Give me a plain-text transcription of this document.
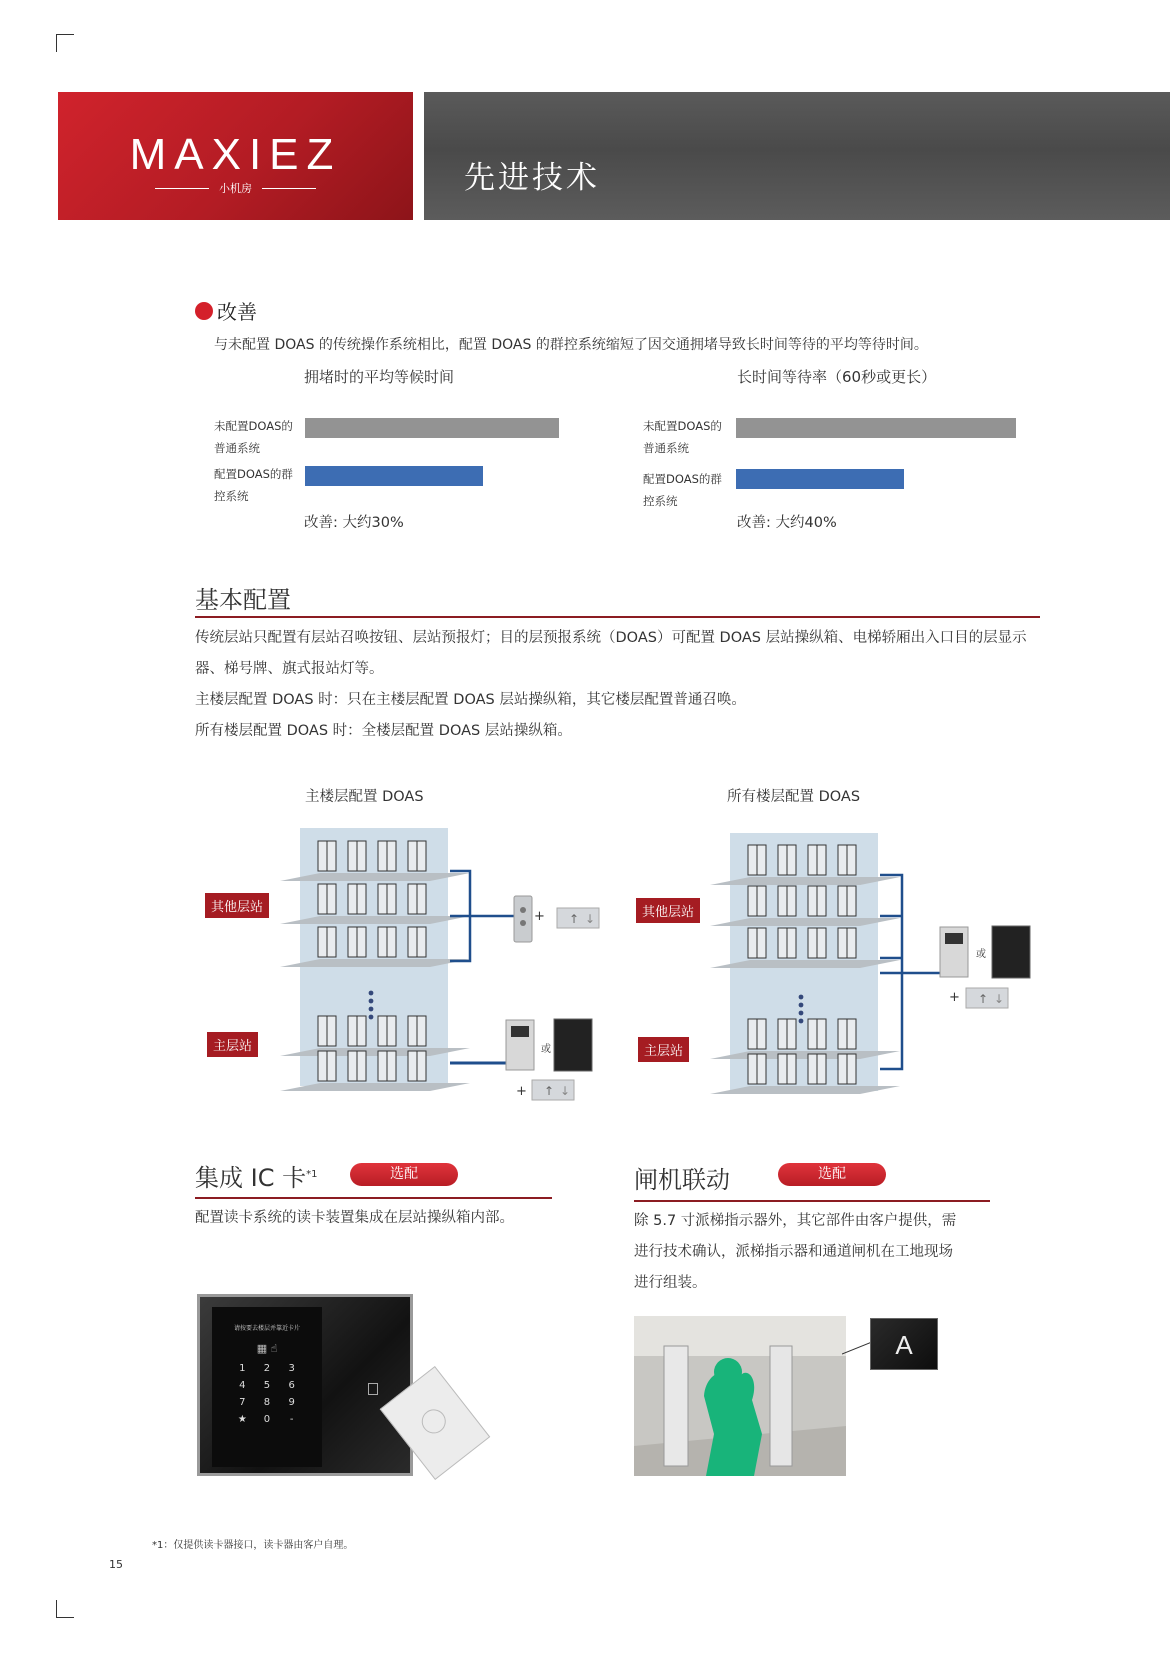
MAXIEZ
小机房	先进技术
改善
与未配置 DOAS 的传统操作系统相比，配置 DOAS 的群控系统缩短了因交通拥堵导致长时间等待的平均等待时间。
拥堵时的平均等候时间
未配置DOAS的
普通系统
配置DOAS的群
控系统
改善: 大约30%
长时间等待率（60秒或更长）
未配置DOAS的
普通系统
配置DOAS的群
控系统
改善: 大约40%
基本配置
传统层站只配置有层站召唤按钮、层站预报灯；目的层预报系统（DOAS）可配置 DOAS 层站操纵箱、电梯轿厢出入口目的层显示
器、梯号牌、旗式报站灯等。
主楼层配置 DOAS 时：只在主楼层配置 DOAS 层站操纵箱，其它楼层配置普通召唤。
所有楼层配置 DOAS 时：全楼层配置 DOAS 层站操纵箱。
主楼层配置 DOAS	所有楼层配置 DOAS
↑ ↓
↑ ↓
+
或
+
其他层站
主层站
↑ ↓
或
+
其他层站
主层站
集成 IC 卡$^{*1}$	选配
配置读卡系统的读卡装置集成在层站操纵箱内部。
请按要去楼层并靠近卡片
▦ ☝
1	2	3
4	5	6
7	8	9
★	0	-
闸机联动	选配
除 5.7 寸派梯指示器外，其它部件由客户提供，需
进行技术确认，派梯指示器和通道闸机在工地现场
进行组装。
A
*1：仅提供读卡器接口，读卡器由客户自理。
15
